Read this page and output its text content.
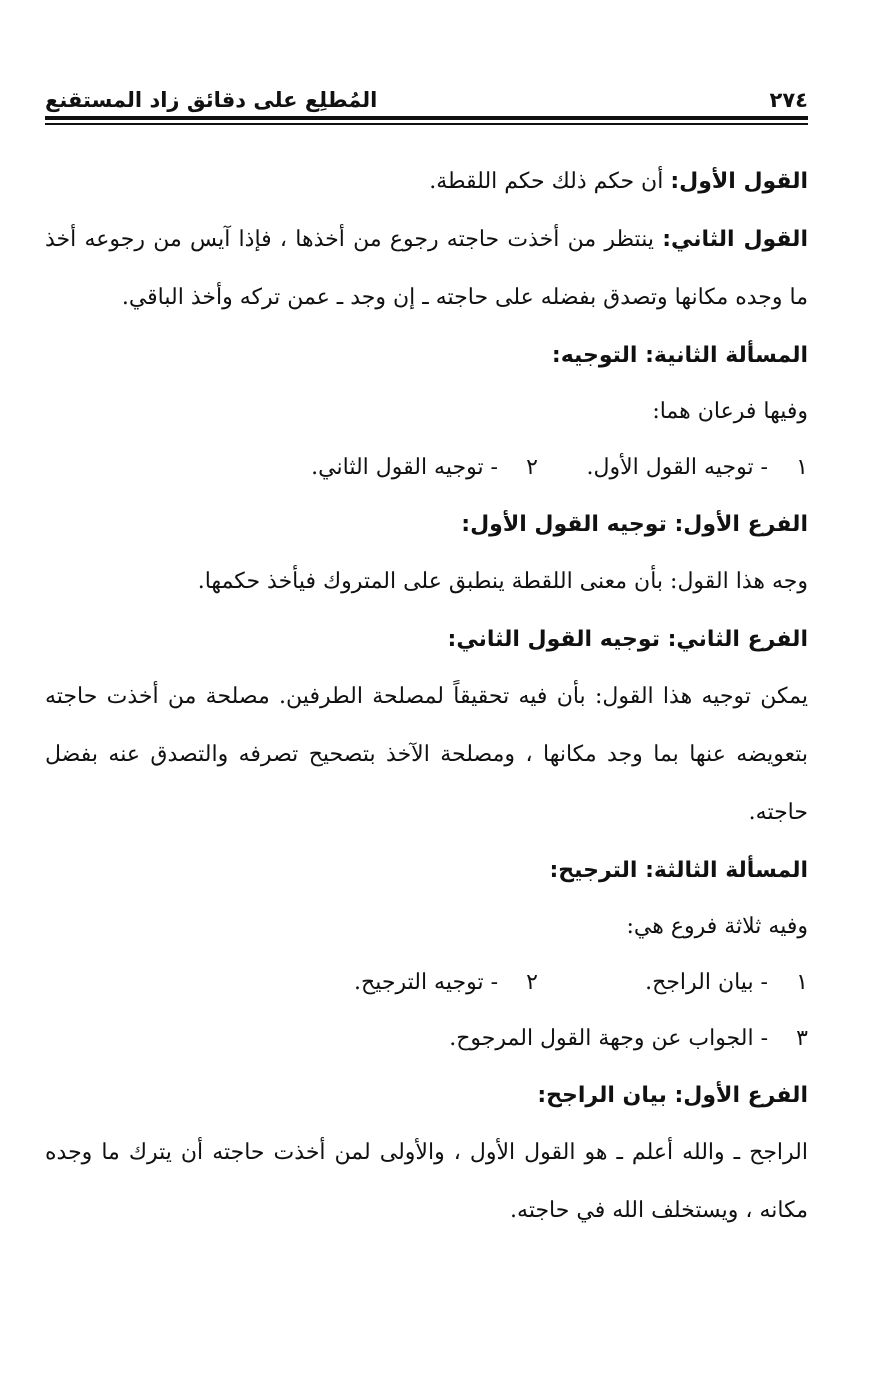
٢٧٤
المُطلِع على دقائق زاد المستقنع

القول الأول: أن حكم ذلك حكم اللقطة.

القول الثاني: ينتظر من أخذت حاجته رجوع من أخذها ، فإذا آيس من رجوعه أخذ ما وجده مكانها وتصدق بفضله على حاجته ـ إن وجد ـ عمن تركه وأخذ الباقي.

المسألة الثانية: التوجيه:
وفيها فرعان هما:
١
- توجيه القول الأول.
٢
- توجيه القول الثاني.
الفرع الأول: توجيه القول الأول:

وجه هذا القول: بأن معنى اللقطة ينطبق على المتروك فيأخذ حكمها.

الفرع الثاني: توجيه القول الثاني:

يمكن توجيه هذا القول: بأن فيه تحقيقاً لمصلحة الطرفين. مصلحة من أخذت حاجته بتعويضه عنها بما وجد مكانها ، ومصلحة الآخذ بتصحيح تصرفه والتصدق عنه بفضل حاجته.

المسألة الثالثة: الترجيح:
وفيه ثلاثة فروع هي:
١
- بيان الراجح.
٢
- توجيه الترجيح.
٣
- الجواب عن وجهة القول المرجوح.
الفرع الأول: بيان الراجح:

الراجح ـ والله أعلم ـ هو القول الأول ، والأولى لمن أخذت حاجته أن يترك ما وجده مكانه ، ويستخلف الله في حاجته.
